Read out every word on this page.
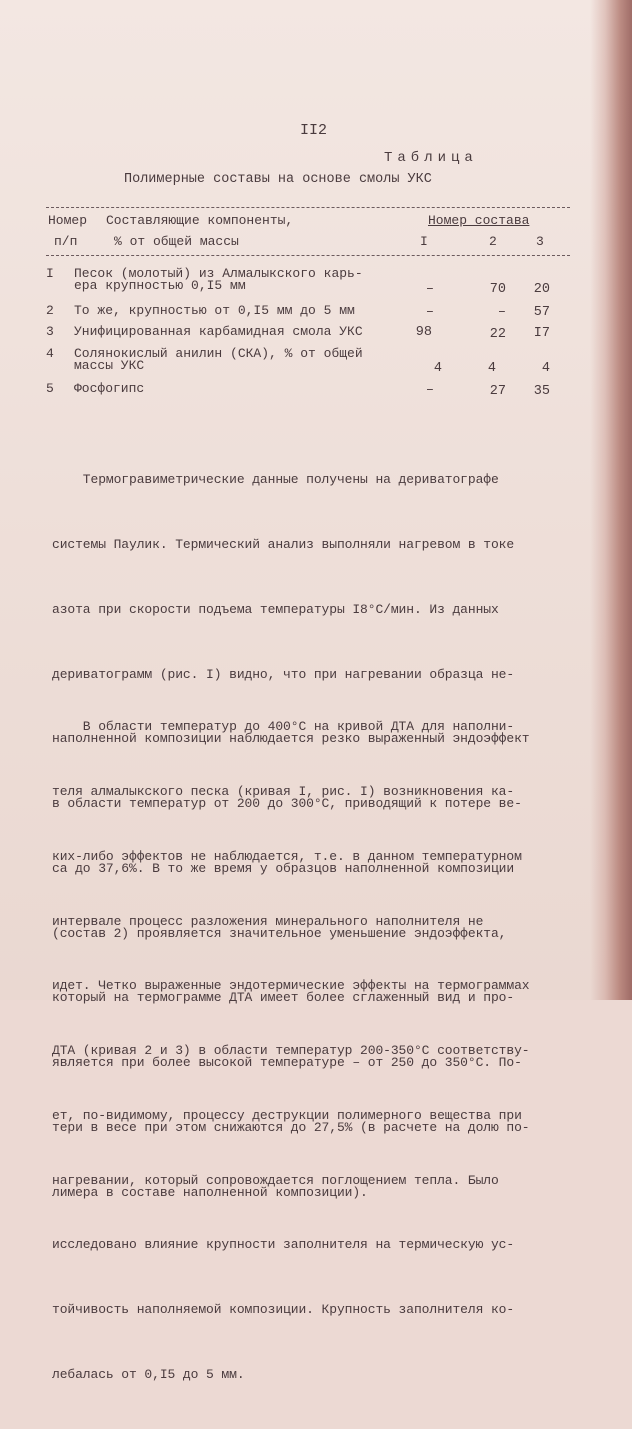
II2
Таблица
Полимерные составы на основе смолы УКС
Номер
п/п
Составляющие компоненты,
% от общей массы
Номер состава
I	2	3
I Песок (молотый) из Алмалыкского карь-
ера крупностью 0,I5 мм	–	70	20
2 То же, крупностью от 0,I5 мм до 5 мм	–	–	57
3 Унифицированная карбамидная смола УКС	98	22	I7
4 Солянокислый анилин (СКА), % от общей
массы УКС	4	4	4
5 Фосфогипс	–	27	35

Термогравиметрические данные получены на дериватографе

системы Паулик. Термический анализ выполняли нагревом в токе

азота при скорости подъема температуры I8°С/мин. Из данных

дериватограмм (рис. I) видно, что при нагревании образца не-

наполненной композиции наблюдается резко выраженный эндоэффект

в области температур от 200 до 300°С, приводящий к потере ве-

са до 37,6%. В то же время у образцов наполненной композиции

(состав 2) проявляется значительное уменьшение эндоэффекта,

который на термограмме ДТА имеет более сглаженный вид и про-

является при более высокой температуре – от 250 до 350°С. По-

тери в весе при этом снижаются до 27,5% (в расчете на долю по-

лимера в составе наполненной композиции).

В области температур до 400°С на кривой ДТА для наполни-

теля алмалыкского песка (кривая I, рис. I) возникновения ка-

ких-либо эффектов не наблюдается, т.е. в данном температурном

интервале процесс разложения минерального наполнителя не

идет. Четко выраженные эндотермические эффекты на термограммах

ДТА (кривая 2 и 3) в области температур 200-350°С соответству-

ет, по-видимому, процессу деструкции полимерного вещества при

нагревании, который сопровождается поглощением тепла. Было

исследовано влияние крупности заполнителя на термическую ус-

тойчивость наполняемой композиции. Крупность заполнителя ко-

лебалась от 0,I5 до 5 мм.
